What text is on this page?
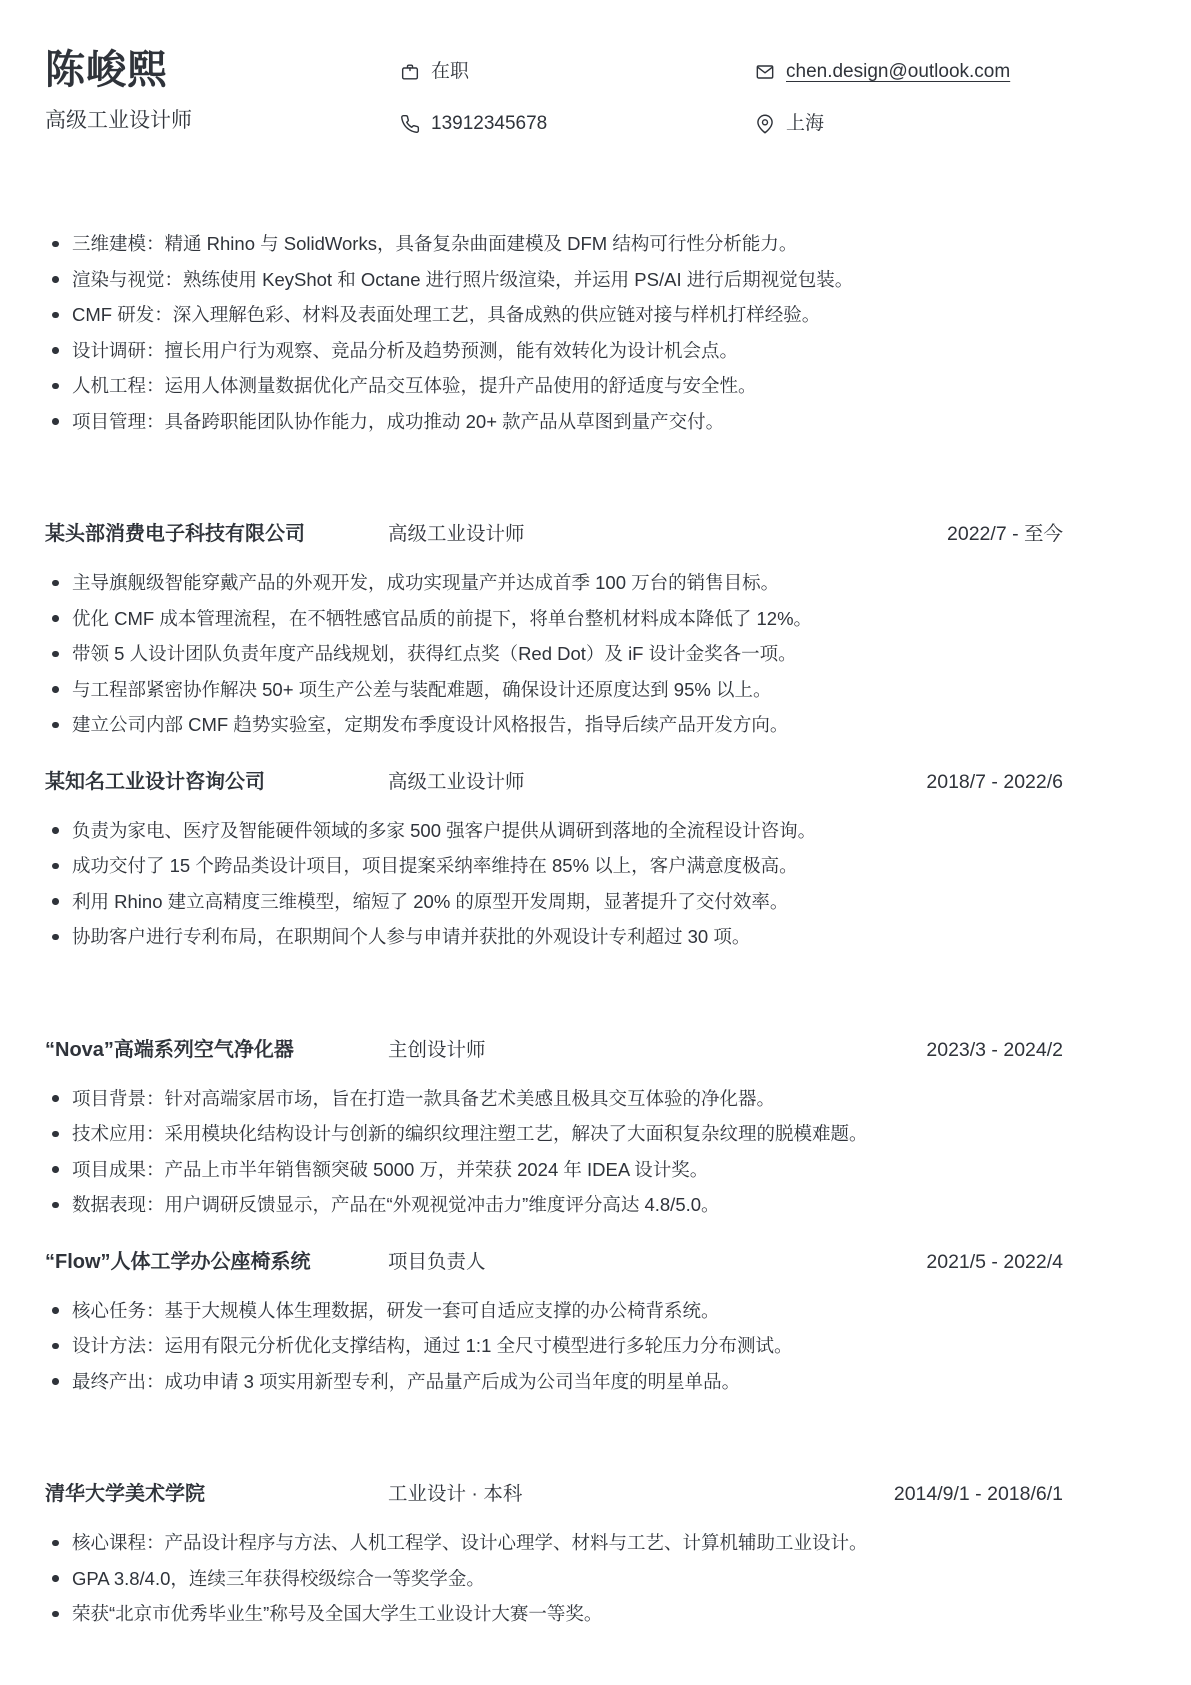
陈峻熙
高级工业设计师
在职
13912345678
chen.design@outlook.com
上海
三维建模：精通 Rhino 与 SolidWorks，具备复杂曲面建模及 DFM 结构可行性分析能力。
渲染与视觉：熟练使用 KeyShot 和 Octane 进行照片级渲染，并运用 PS/AI 进行后期视觉包装。
CMF 研发：深入理解色彩、材料及表面处理工艺，具备成熟的供应链对接与样机打样经验。
设计调研：擅长用户行为观察、竞品分析及趋势预测，能有效转化为设计机会点。
人机工程：运用人体测量数据优化产品交互体验，提升产品使用的舒适度与安全性。
项目管理：具备跨职能团队协作能力，成功推动 20+ 款产品从草图到量产交付。
某头部消费电子科技有限公司	高级工业设计师	2022/7 - 至今
主导旗舰级智能穿戴产品的外观开发，成功实现量产并达成首季 100 万台的销售目标。
优化 CMF 成本管理流程，在不牺牲感官品质的前提下，将单台整机材料成本降低了 12%。
带领 5 人设计团队负责年度产品线规划，获得红点奖（Red Dot）及 iF 设计金奖各一项。
与工程部紧密协作解决 50+ 项生产公差与装配难题，确保设计还原度达到 95% 以上。
建立公司内部 CMF 趋势实验室，定期发布季度设计风格报告，指导后续产品开发方向。
某知名工业设计咨询公司	高级工业设计师	2018/7 - 2022/6
负责为家电、医疗及智能硬件领域的多家 500 强客户提供从调研到落地的全流程设计咨询。
成功交付了 15 个跨品类设计项目，项目提案采纳率维持在 85% 以上，客户满意度极高。
利用 Rhino 建立高精度三维模型，缩短了 20% 的原型开发周期，显著提升了交付效率。
协助客户进行专利布局，在职期间个人参与申请并获批的外观设计专利超过 30 项。
“Nova”高端系列空气净化器	主创设计师	2023/3 - 2024/2
项目背景：针对高端家居市场，旨在打造一款具备艺术美感且极具交互体验的净化器。
技术应用：采用模块化结构设计与创新的编织纹理注塑工艺，解决了大面积复杂纹理的脱模难题。
项目成果：产品上市半年销售额突破 5000 万，并荣获 2024 年 IDEA 设计奖。
数据表现：用户调研反馈显示，产品在“外观视觉冲击力”维度评分高达 4.8/5.0。
“Flow”人体工学办公座椅系统	项目负责人	2021/5 - 2022/4
核心任务：基于大规模人体生理数据，研发一套可自适应支撑的办公椅背系统。
设计方法：运用有限元分析优化支撑结构，通过 1:1 全尺寸模型进行多轮压力分布测试。
最终产出：成功申请 3 项实用新型专利，产品量产后成为公司当年度的明星单品。
清华大学美术学院	工业设计 · 本科	2014/9/1 - 2018/6/1
核心课程：产品设计程序与方法、人机工程学、设计心理学、材料与工艺、计算机辅助工业设计。
GPA 3.8/4.0，连续三年获得校级综合一等奖学金。
荣获“北京市优秀毕业生”称号及全国大学生工业设计大赛一等奖。
